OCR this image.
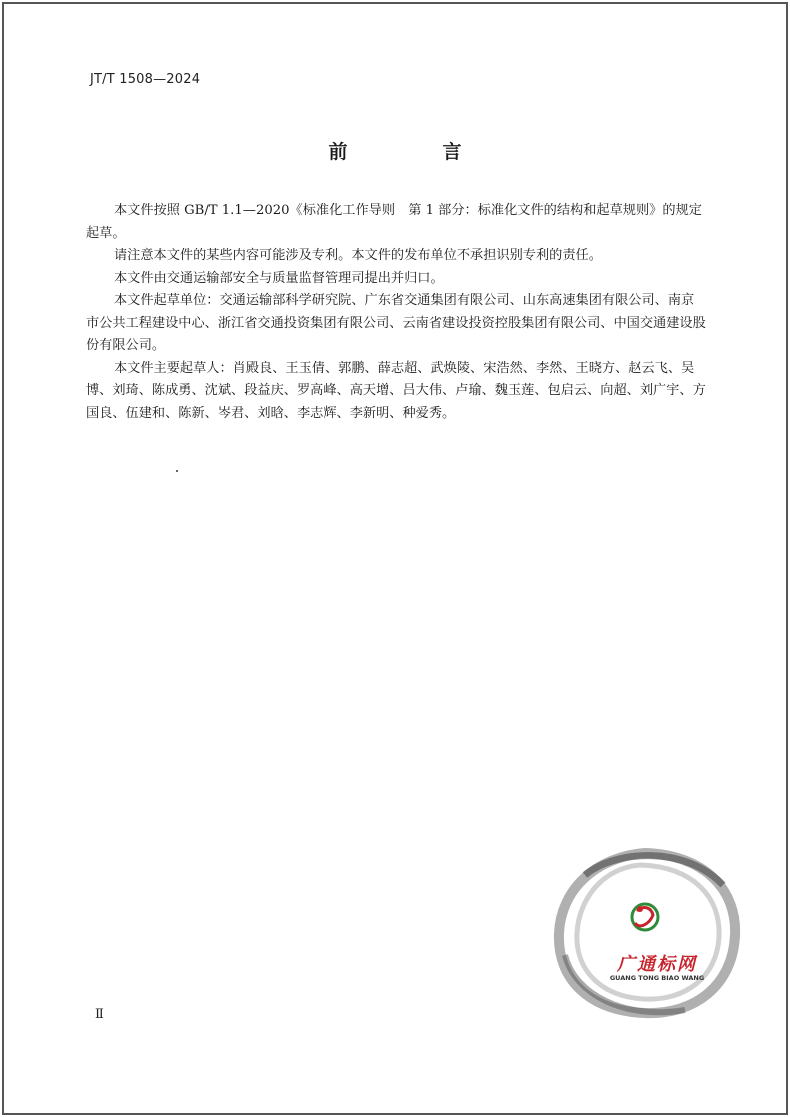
JT/T 1508—2024
前　言

本文件按照 GB/T 1.1—2020《标准化工作导则　第 1 部分：标准化文件的结构和起草规则》的规定起草。

请注意本文件的某些内容可能涉及专利。本文件的发布单位不承担识别专利的责任。

本文件由交通运输部安全与质量监督管理司提出并归口。

本文件起草单位：交通运输部科学研究院、广东省交通集团有限公司、山东高速集团有限公司、南京市公共工程建设中心、浙江省交通投资集团有限公司、云南省建设投资控股集团有限公司、中国交通建设股份有限公司。

本文件主要起草人：肖殿良、王玉倩、郭鹏、薛志超、武焕陵、宋浩然、李然、王晓方、赵云飞、吴博、刘琦、陈成勇、沈斌、段益庆、罗高峰、高天增、吕大伟、卢瑜、魏玉莲、包启云、向超、刘广宇、方国良、伍建和、陈新、岑君、刘晗、李志辉、李新明、种爱秀。

广通标网
GUANG TONG BIAO WANG
Ⅱ
